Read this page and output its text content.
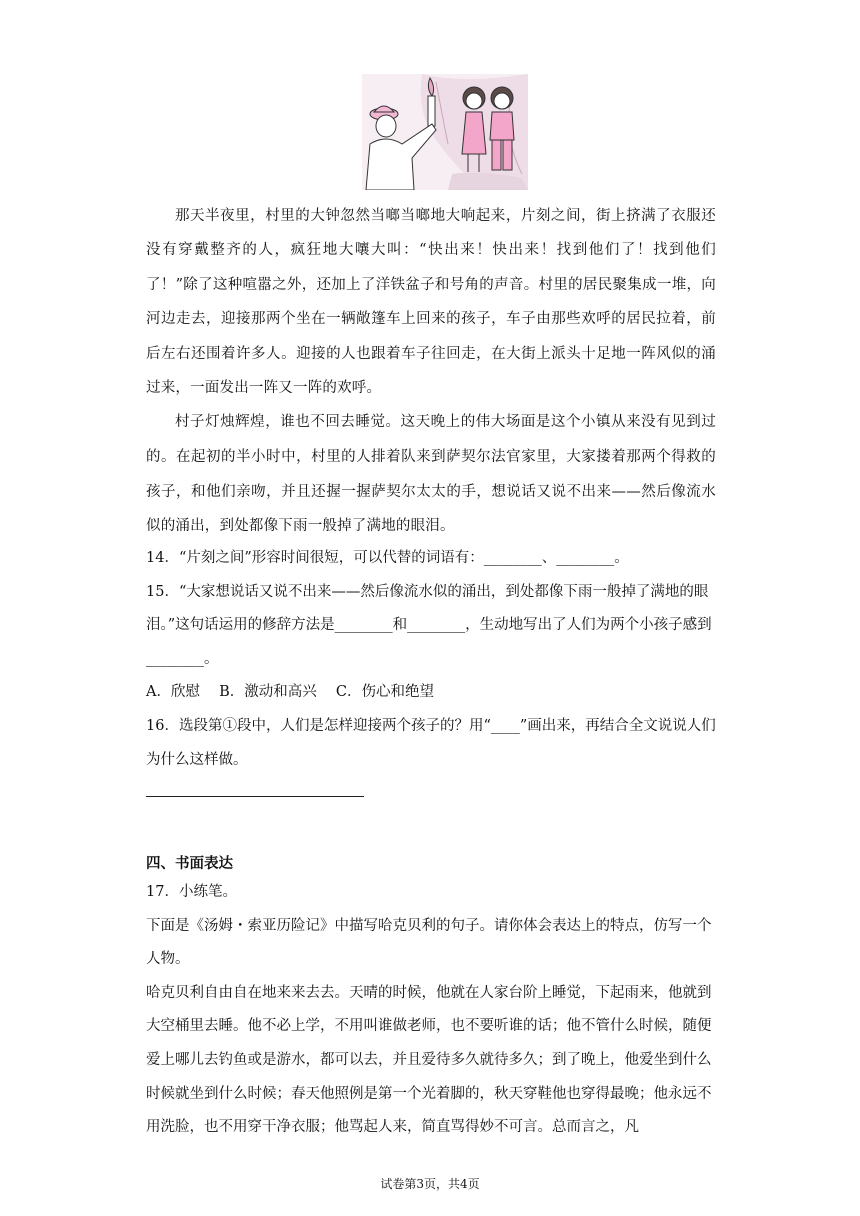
那天半夜里，村里的大钟忽然当啷当啷地大响起来，片刻之间，街上挤满了衣服还没有穿戴整齐的人，疯狂地大嚷大叫：“快出来！快出来！找到他们了！找到他们了！”除了这种喧嚣之外，还加上了洋铁盆子和号角的声音。村里的居民聚集成一堆，向河边走去，迎接那两个坐在一辆敞篷车上回来的孩子，车子由那些欢呼的居民拉着，前后左右还围着许多人。迎接的人也跟着车子往回走，在大街上派头十足地一阵风似的涌过来，一面发出一阵又一阵的欢呼。

村子灯烛辉煌，谁也不回去睡觉。这天晚上的伟大场面是这个小镇从来没有见到过的。在起初的半小时中，村里的人排着队来到萨契尔法官家里，大家搂着那两个得救的孩子，和他们亲吻，并且还握一握萨契尔太太的手，想说话又说不出来——然后像流水似的涌出，到处都像下雨一般掉了满地的眼泪。

14．“片刻之间”形容时间很短，可以代替的词语有：________、________。

15．“大家想说话又说不出来——然后像流水似的涌出，到处都像下雨一般掉了满地的眼泪。”这句话运用的修辞方法是________和________，生动地写出了人们为两个小孩子感到________。

A．欣慰　 B．激动和高兴　 C．伤心和绝望

16．选段第①段中，人们是怎样迎接两个孩子的？用“____”画出来，再结合全文说说人们为什么这样做。

四、书面表达

17．小练笔。

下面是《汤姆・索亚历险记》中描写哈克贝利的句子。请你体会表达上的特点，仿写一个人物。

哈克贝利自由自在地来来去去。天晴的时候，他就在人家台阶上睡觉，下起雨来，他就到大空桶里去睡。他不必上学，不用叫谁做老师，也不要听谁的话；他不管什么时候，随便爱上哪儿去钓鱼或是游水，都可以去，并且爱待多久就待多久；到了晚上，他爱坐到什么时候就坐到什么时候；春天他照例是第一个光着脚的，秋天穿鞋他也穿得最晚；他永远不用洗脸，也不用穿干净衣服；他骂起人来，简直骂得妙不可言。总而言之，凡

试卷第3页，共4页
